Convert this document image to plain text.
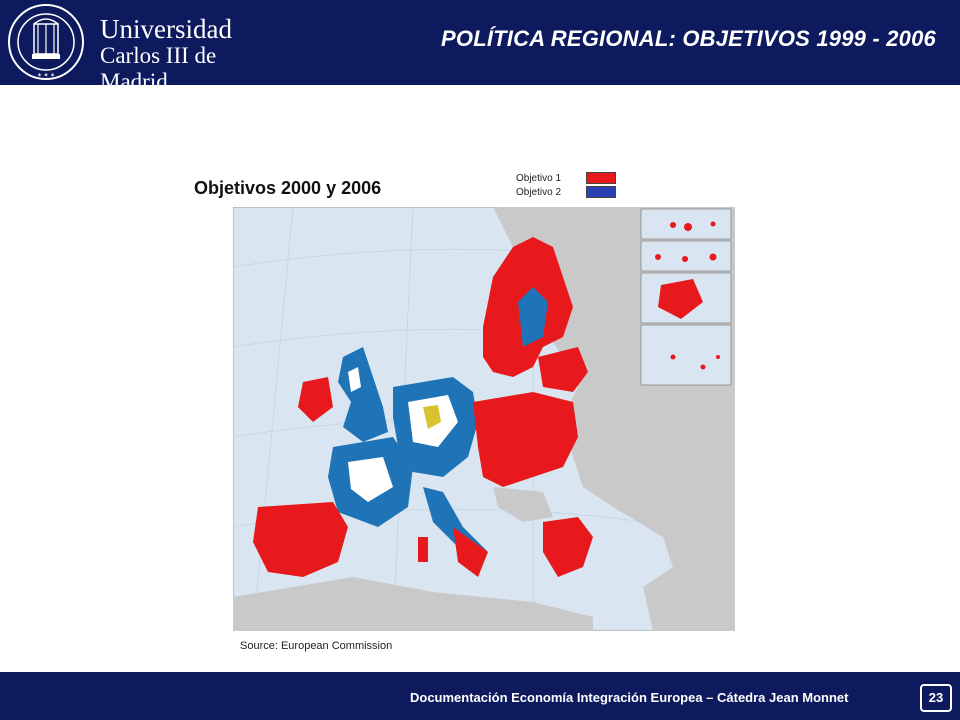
✶ ✶ ✶
Universidad
Carlos III de Madrid
POLÍTICA REGIONAL: OBJETIVOS 1999 - 2006
Objetivos 2000 y 2006	Objetivo 1
Objetivo 2
Source: European Commission
Documentación Economía Integración Europea – Cátedra Jean Monnet	23
